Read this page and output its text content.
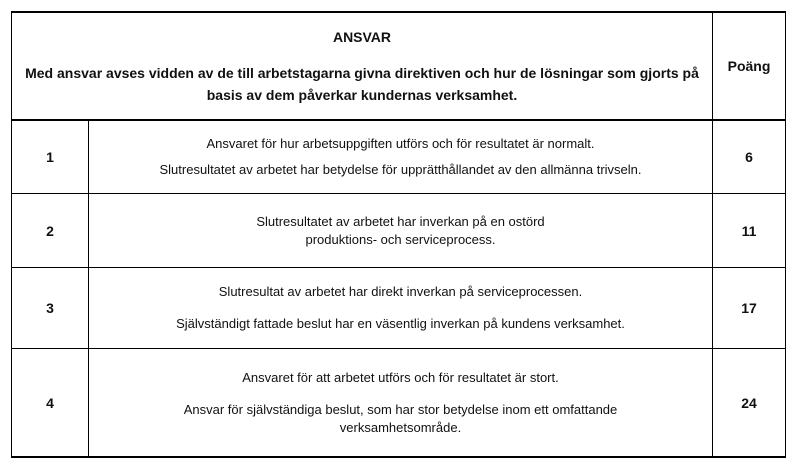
ANSVAR
Med ansvar avses vidden av de till arbetstagarna givna direktiven och hur de lösningar som gjorts på basis av dem påverkar kundernas verksamhet.		Poäng
1	Ansvaret för hur arbetsuppgiften utförs och för resultatet är normalt.
Slutresultatet av arbetet har betydelse för upprätthållandet av den allmänna trivseln.	6
2	Slutresultatet av arbetet har inverkan på en ostörd produktions- och serviceprocess.	11
3	Slutresultat av arbetet har direkt inverkan på serviceprocessen.
Självständigt fattade beslut har en väsentlig inverkan på kundens verksamhet.	17
4	Ansvaret för att arbetet utförs och för resultatet är stort.
Ansvar för självständiga beslut, som har stor betydelse inom ett omfattande verksamhetsområde.	24
